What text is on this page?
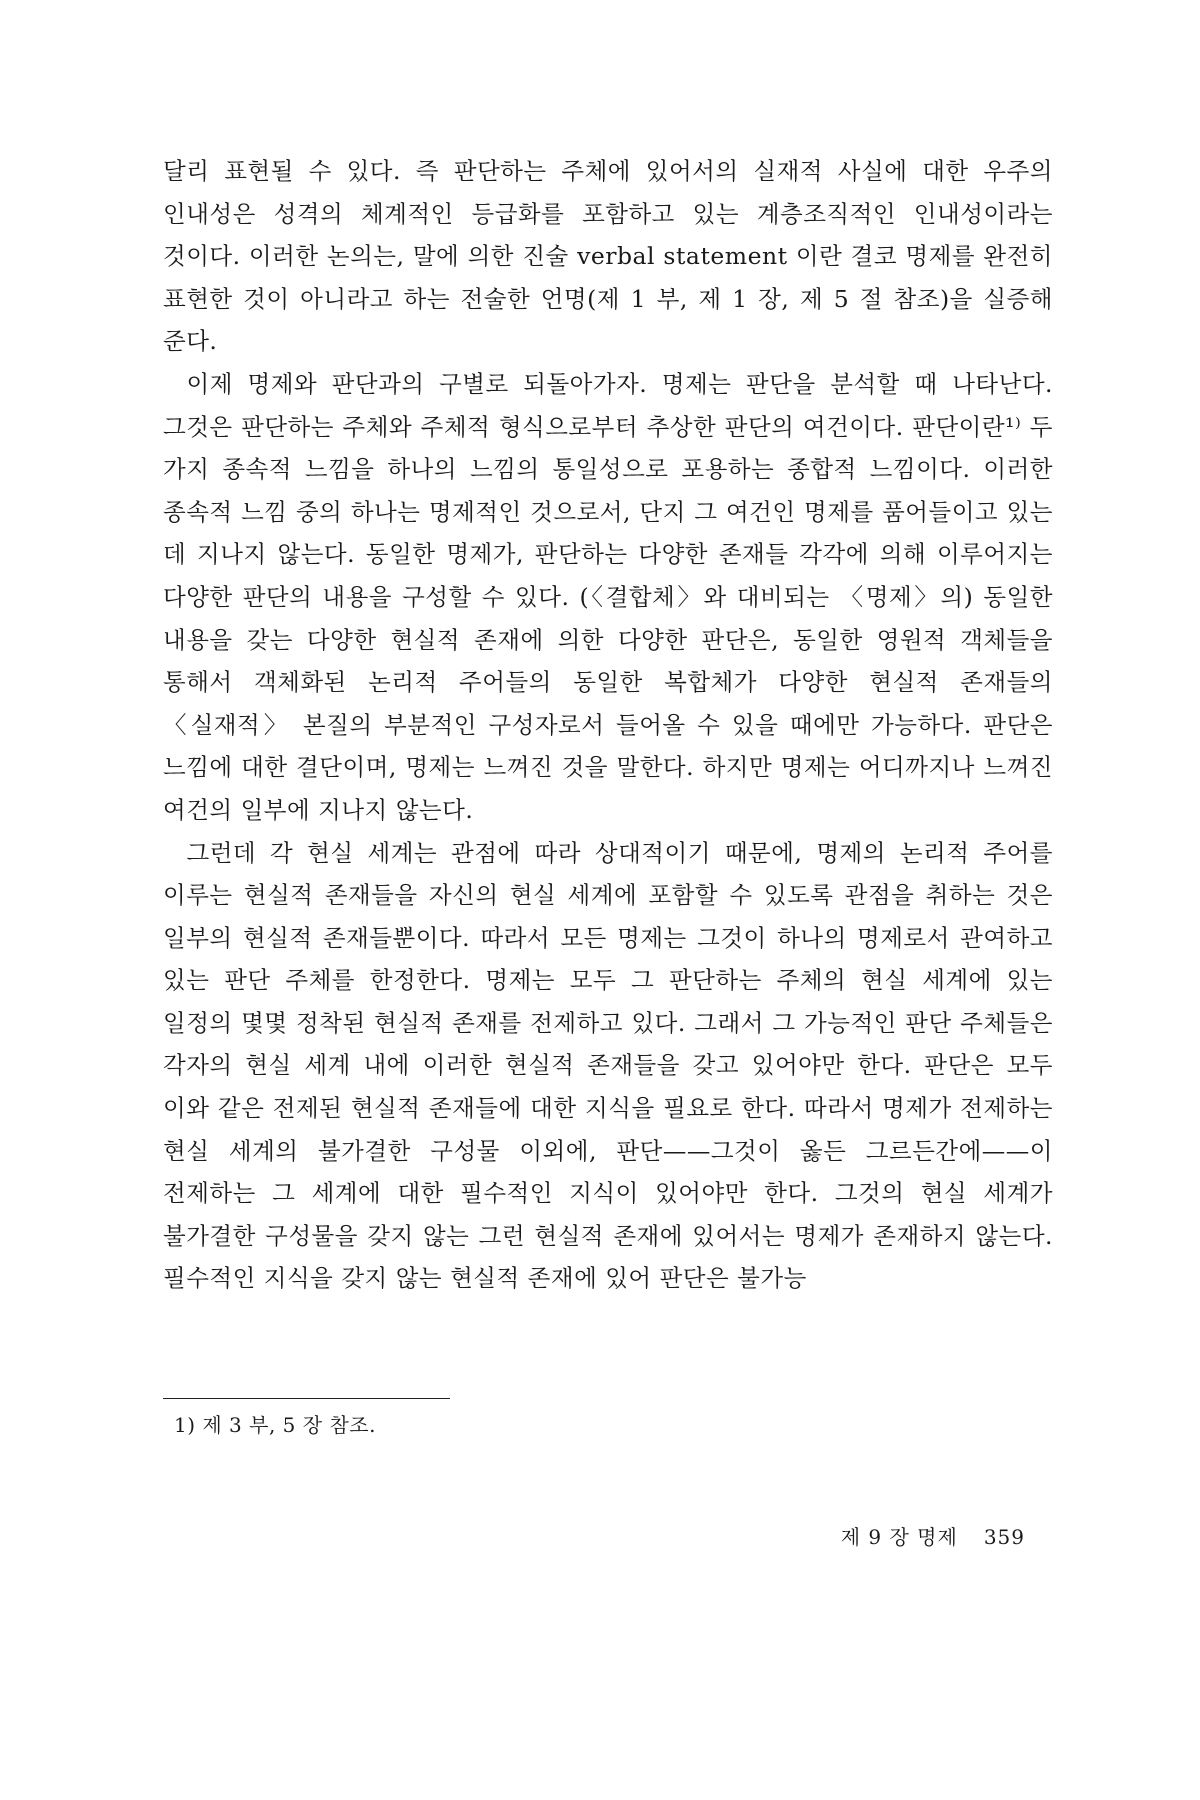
달리 표현될 수 있다. 즉 판단하는 주체에 있어서의 실재적 사실에 대한 우주의 인내성은 성격의 체계적인 등급화를 포함하고 있는 계층조직적인 인내성이라는 것이다. 이러한 논의는, 말에 의한 진술 verbal statement 이란 결코 명제를 완전히 표현한 것이 아니라고 하는 전술한 언명(제 1 부, 제 1 장, 제 5 절 참조)을 실증해 준다.

이제 명제와 판단과의 구별로 되돌아가자. 명제는 판단을 분석할 때 나타난다. 그것은 판단하는 주체와 주체적 형식으로부터 추상한 판단의 여건이다. 판단이란¹⁾ 두 가지 종속적 느낌을 하나의 느낌의 통일성으로 포용하는 종합적 느낌이다. 이러한 종속적 느낌 중의 하나는 명제적인 것으로서, 단지 그 여건인 명제를 품어들이고 있는 데 지나지 않는다. 동일한 명제가, 판단하는 다양한 존재들 각각에 의해 이루어지는 다양한 판단의 내용을 구성할 수 있다. (〈결합체〉와 대비되는 〈명제〉의) 동일한 내용을 갖는 다양한 현실적 존재에 의한 다양한 판단은, 동일한 영원적 객체들을 통해서 객체화된 논리적 주어들의 동일한 복합체가 다양한 현실적 존재들의 〈실재적〉 본질의 부분적인 구성자로서 들어올 수 있을 때에만 가능하다. 판단은 느낌에 대한 결단이며, 명제는 느껴진 것을 말한다. 하지만 명제는 어디까지나 느껴진 여건의 일부에 지나지 않는다.

그런데 각 현실 세계는 관점에 따라 상대적이기 때문에, 명제의 논리적 주어를 이루는 현실적 존재들을 자신의 현실 세계에 포함할 수 있도록 관점을 취하는 것은 일부의 현실적 존재들뿐이다. 따라서 모든 명제는 그것이 하나의 명제로서 관여하고 있는 판단 주체를 한정한다. 명제는 모두 그 판단하는 주체의 현실 세계에 있는 일정의 몇몇 정착된 현실적 존재를 전제하고 있다. 그래서 그 가능적인 판단 주체들은 각자의 현실 세계 내에 이러한 현실적 존재들을 갖고 있어야만 한다. 판단은 모두 이와 같은 전제된 현실적 존재들에 대한 지식을 필요로 한다. 따라서 명제가 전제하는 현실 세계의 불가결한 구성물 이외에, 판단——그것이 옳든 그르든간에——이 전제하는 그 세계에 대한 필수적인 지식이 있어야만 한다. 그것의 현실 세계가 불가결한 구성물을 갖지 않는 그런 현실적 존재에 있어서는 명제가 존재하지 않는다. 필수적인 지식을 갖지 않는 현실적 존재에 있어 판단은 불가능

1) 제 3 부, 5 장 참조.
제 9 장 명제 359
